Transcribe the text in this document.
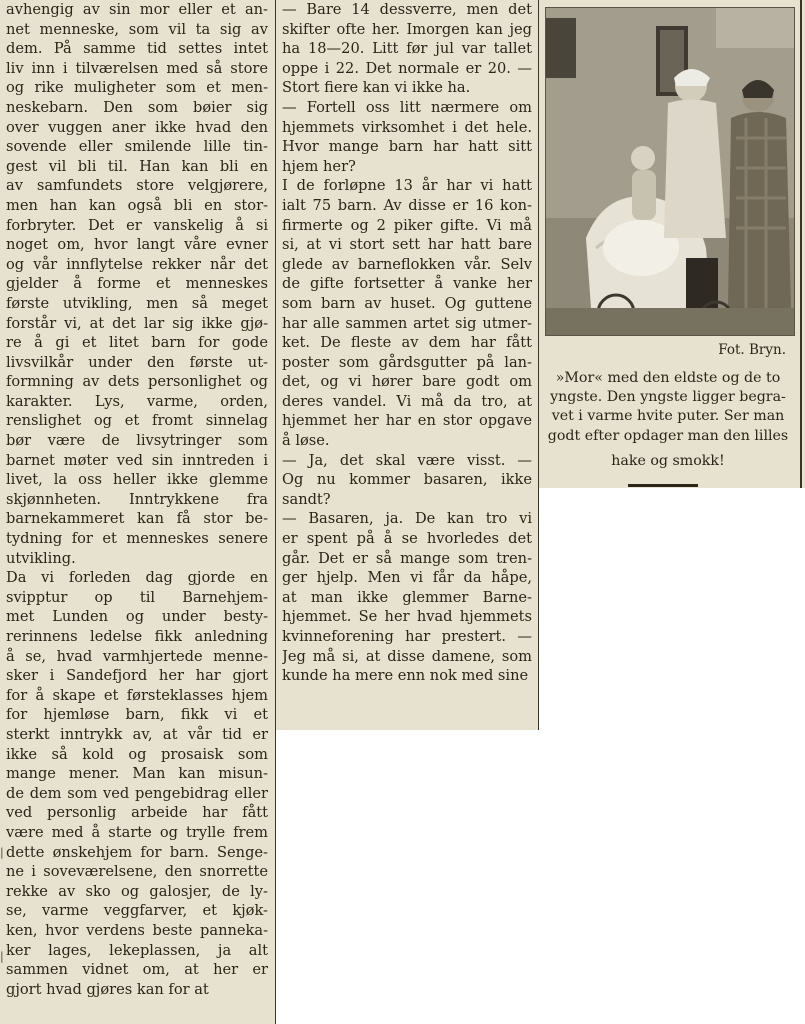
avhengig av sin mor eller et an-
net menneske, som vil ta sig av
dem. På samme tid settes intet
liv inn i tilværelsen med så store
og rike muligheter som et men-
neskebarn. Den som bøier sig
over vuggen aner ikke hvad den
sovende eller smilende lille tin-
gest vil bli til. Han kan bli en
av samfundets store velgjørere,
men han kan også bli en stor-
forbryter. Det er vanskelig å si
noget om, hvor langt våre evner
og vår innflytelse rekker når det
gjelder å forme et menneskes
første utvikling, men så meget
forstår vi, at det lar sig ikke gjø-
re å gi et litet barn for gode
livsvilkår under den første ut-
formning av dets personlighet og
karakter. Lys, varme, orden,
renslighet og et fromt sinnelag
bør være de livsytringer som
barnet møter ved sin inntreden i
livet, la oss heller ikke glemme
skjønnheten. Inntrykkene fra
barnekammeret kan få stor be-
tydning for et menneskes senere
utvikling.
Da vi forleden dag gjorde en
svipptur op til Barnehjem-
met Lunden og under besty-
rerinnens ledelse fikk anledning
å se, hvad varmhjertede menne-
sker i Sandefjord her har gjort
for å skape et førsteklasses hjem
for hjemløse barn, fikk vi et
sterkt inntrykk av, at vår tid er
ikke så kold og prosaisk som
mange mener. Man kan misun-
de dem som ved pengebidrag eller
ved personlig arbeide har fått
være med å starte og trylle frem
dette ønskehjem for barn. Senge-
ne i soveværelsene, den snorrette
rekke av sko og galosjer, de ly-
se, varme veggfarver, et kjøk-
ken, hvor verdens beste panneka-
ker lages, lekeplassen, ja alt
sammen vidnet om, at her er
gjort hvad gjøres kan for at
— Bare 14 dessverre, men det
skifter ofte her. Imorgen kan jeg
ha 18—20. Litt før jul var tallet
oppe i 22. Det normale er 20. —
Stort fiere kan vi ikke ha.
— Fortell oss litt nærmere om
hjemmets virksomhet i det hele.
Hvor mange barn har hatt sitt
hjem her?
I de forløpne 13 år har vi hatt
ialt 75 barn. Av disse er 16 kon-
firmerte og 2 piker gifte. Vi må
si, at vi stort sett har hatt bare
glede av barneflokken vår. Selv
de gifte fortsetter å vanke her
som barn av huset. Og guttene
har alle sammen artet sig utmer-
ket. De fleste av dem har fått
poster som gårdsgutter på lan-
det, og vi hører bare godt om
deres vandel. Vi må da tro, at
hjemmet her har en stor opgave
å løse.
— Ja, det skal være visst. —
Og nu kommer basaren, ikke
sandt?
— Basaren, ja. De kan tro vi
er spent på å se hvorledes det
går. Det er så mange som tren-
ger hjelp. Men vi får da håpe,
at man ikke glemmer Barne-
hjemmet. Se her hvad hjemmets
kvinneforening har prestert. —
Jeg må si, at disse damene, som
kunde ha mere enn nok med sine
Fot. Bryn.
»Mor« med den eldste og de to
yngste. Den yngste ligger begra-
vet i varme hvite puter. Ser man
godt efter opdager man den lilles
hake og smokk!
|
|
